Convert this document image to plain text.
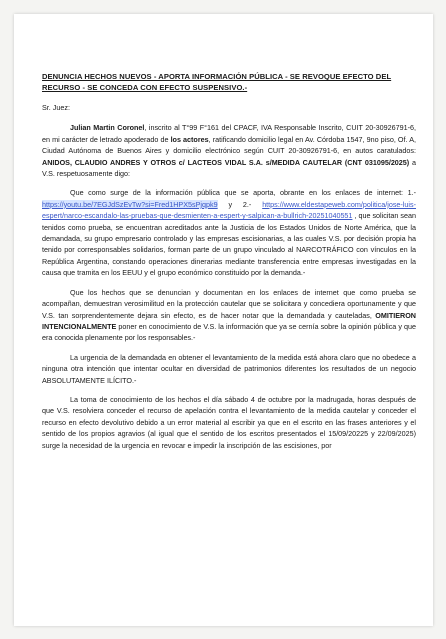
DENUNCIA HECHOS NUEVOS - APORTA INFORMACIÓN PÚBLICA - SE REVOQUE EFECTO DEL RECURSO - SE CONCEDA CON EFECTO SUSPENSIVO.-
Sr. Juez:

Julian Martin Coronel, inscrito al T°99 F°161 del CPACF, IVA Responsable Inscrito, CUIT 20-30926791-6, en mi carácter de letrado apoderado de los actores, ratificando domicilio legal en Av. Córdoba 1547, 9no piso, Of. A, Ciudad Autónoma de Buenos Aires y domicilio electrónico según CUIT 20-30926791-6, en autos caratulados: ANIDOS, CLAUDIO ANDRES Y OTROS c/ LACTEOS VIDAL S.A. s/MEDIDA CAUTELAR (CNT 031095/2025) a V.S. respetuosamente digo:

Que como surge de la información pública que se aporta, obrante en los enlaces de internet: 1.- https://youtu.be/7EGJdSzEvTw?si=Fred1HPX5sPjqpk9 y 2.- https://www.eldestapeweb.com/politica/jose-luis-espert/narco-escandalo-las-pruebas-que-desmienten-a-espert-y-salpican-a-bullrich-20251040551 , que solicitan sean tenidos como prueba, se encuentran acreditados ante la Justicia de los Estados Unidos de Norte América, que la demandada, su grupo empresario controlado y las empresas escisionarias, a las cuales V.S. por decisión propia ha tenido por corresponsables solidarios, forman parte de un grupo vinculado al NARCOTRÁFICO con vínculos en la República Argentina, constando operaciones dinerarias mediante transferencia entre empresas investigadas en la causa que tramita en los EEUU y el grupo económico constituido por la demanda.-

Que los hechos que se denuncian y documentan en los enlaces de internet que como prueba se acompañan, demuestran verosimilitud en la protección cautelar que se solicitara y concediera oportunamente y que V.S. tan sorprendentemente dejara sin efecto, es de hacer notar que la demandada y cauteladas, OMITIERON INTENCIONALMENTE poner en conocimiento de V.S. la información que ya se cernía sobre la opinión pública y que era conocida plenamente por los responsables.-

La urgencia de la demandada en obtener el levantamiento de la medida está ahora claro que no obedece a ninguna otra intención que intentar ocultar en diversidad de patrimonios diferentes los resultados de un negocio ABSOLUTAMENTE ILÍCITO.-

La toma de conocimiento de los hechos el día sábado 4 de octubre por la madrugada, horas después de que V.S. resolviera conceder el recurso de apelación contra el levantamiento de la medida cautelar y conceder el recurso en efecto devolutivo debido a un error material al escribir ya que en el escrito en las frases anteriores y el sentido de los propios agravios (al igual que el sentido de los escritos presentados el 15/09/20225 y 22/09/2025) surge la necesidad de la urgencia en revocar e impedir la inscripción de las escisiones, por
